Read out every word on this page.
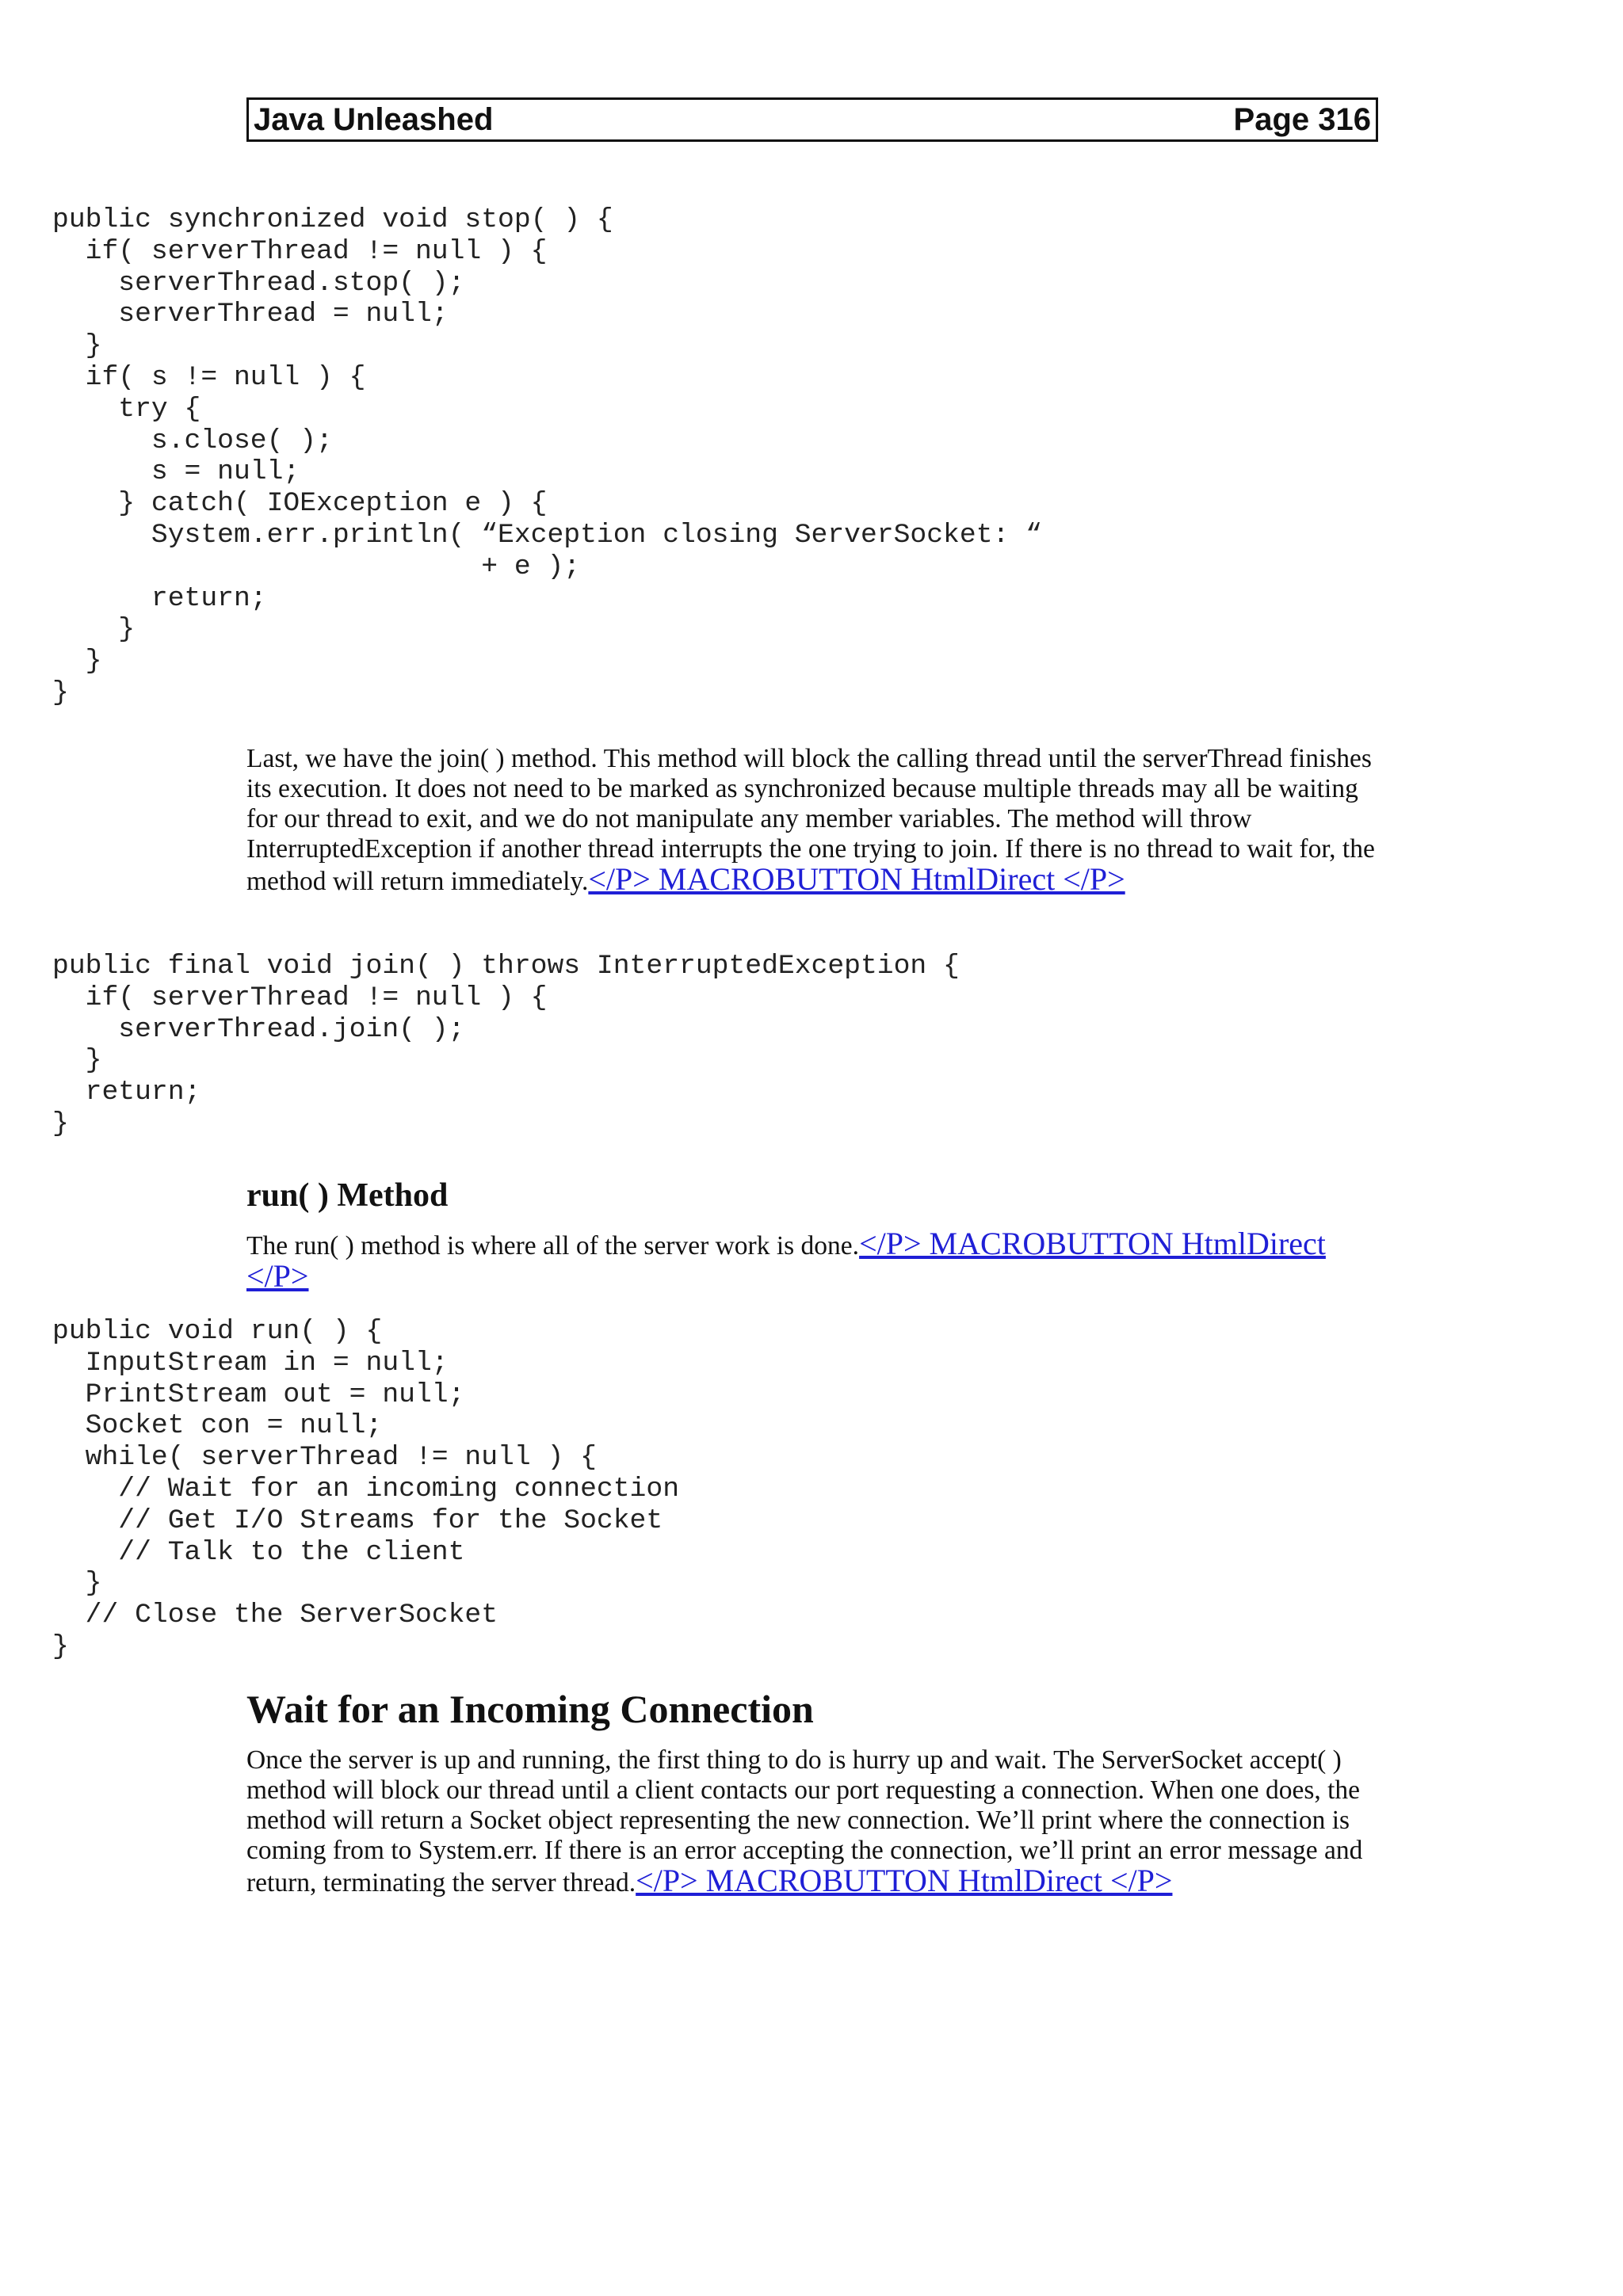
Java Unleashed	Page 316
public synchronized void stop( ) {
if( serverThread != null ) {
serverThread.stop( );
serverThread = null;
}
if( s != null ) {
try {
s.close( );
s = null;
} catch( IOException e ) {
System.err.println( “Exception closing ServerSocket: “
+ e );
return;
}
}
}

Last, we have the join( ) method. This method will block the calling thread until the serverThread finishes its execution. It does not need to be marked as synchronized because multiple threads may all be waiting for our thread to exit, and we do not manipulate any member variables. The method will throw InterruptedException if another thread interrupts the one trying to join. If there is no thread to wait for, the method will return immediately.</P> MACROBUTTON HtmlDirect </P>

public final void join( ) throws InterruptedException {
if( serverThread != null ) {
serverThread.join( );
}
return;
}
run( ) Method

The run( ) method is where all of the server work is done.</P> MACROBUTTON HtmlDirect </P>

public void run( ) {
InputStream in = null;
PrintStream out = null;
Socket con = null;
while( serverThread != null ) {
// Wait for an incoming connection
// Get I/O Streams for the Socket
// Talk to the client
}
// Close the ServerSocket
}
Wait for an Incoming Connection

Once the server is up and running, the first thing to do is hurry up and wait. The ServerSocket accept( ) method will block our thread until a client contacts our port requesting a connection. When one does, the method will return a Socket object representing the new connection. We’ll print where the connection is coming from to System.err. If there is an error accepting the connection, we’ll print an error message and return, terminating the server thread.</P> MACROBUTTON HtmlDirect </P>
